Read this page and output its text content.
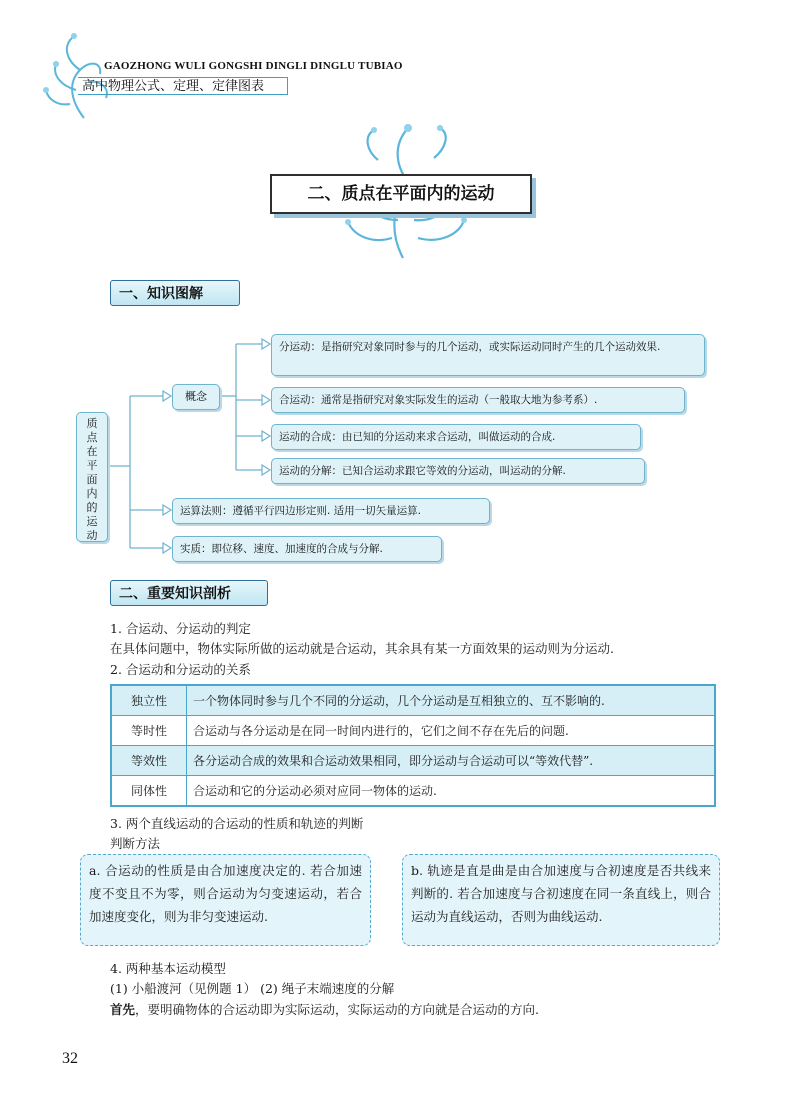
GAOZHONG WULI GONGSHI DINGLI DINGLU TUBIAO
高中物理公式、定理、定律图表
二、质点在平面内的运动
一、知识图解
质
点
在
平
面
内
的
运
动
概念
分运动：是指研究对象同时参与的几个运动，或实际运动同时产生的几个运动效果.
合运动：通常是指研究对象实际发生的运动（一般取大地为参考系）.
运动的合成：由已知的分运动来求合运动，叫做运动的合成.
运动的分解：已知合运动求跟它等效的分运动，叫运动的分解.
运算法则：遵循平行四边形定则. 适用一切矢量运算.
实质：即位移、速度、加速度的合成与分解.
二、重要知识剖析
1. 合运动、分运动的判定
在具体问题中，物体实际所做的运动就是合运动，其余具有某一方面效果的运动则为分运动.
2. 合运动和分运动的关系
独立性	一个物体同时参与几个不同的分运动，几个分运动是互相独立的、互不影响的.
等时性	合运动与各分运动是在同一时间内进行的，它们之间不存在先后的问题.
等效性	各分运动合成的效果和合运动效果相同，即分运动与合运动可以“等效代替”.
同体性	合运动和它的分运动必须对应同一物体的运动.
3. 两个直线运动的合运动的性质和轨迹的判断
判断方法
a. 合运动的性质是由合加速度决定的. 若合加速度不变且不为零，则合运动为匀变速运动，若合加速度变化，则为非匀变速运动.
b. 轨迹是直是曲是由合加速度与合初速度是否共线来判断的. 若合加速度与合初速度在同一条直线上，则合运动为直线运动，否则为曲线运动.
4. 两种基本运动模型
(1) 小船渡河（见例题 1） (2) 绳子末端速度的分解
首先，要明确物体的合运动即为实际运动，实际运动的方向就是合运动的方向.
32
